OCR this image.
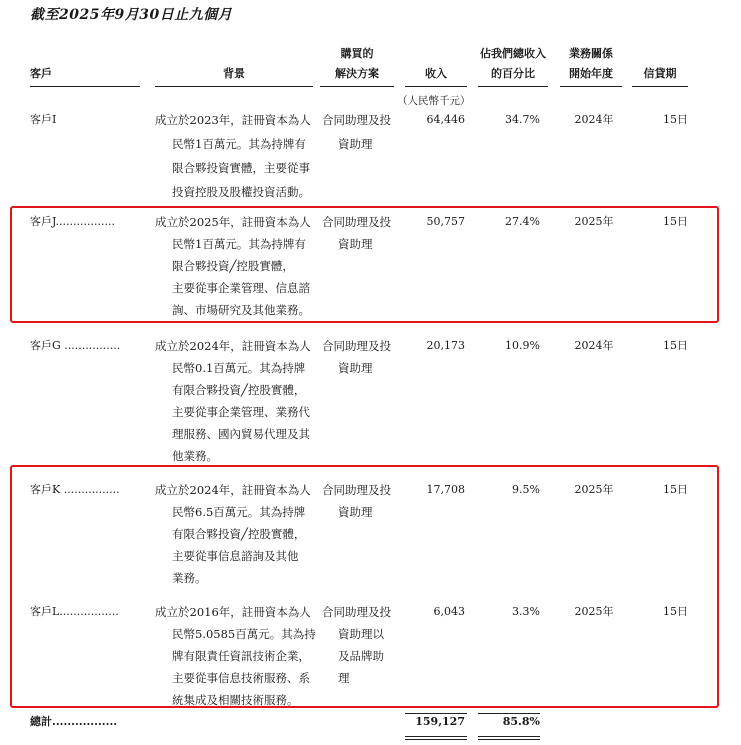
截至2025年9月30日止九個月
客戶	背景
購買的
解決方案	收入
佔我們總收入
的百分比
業務關係
開始年度	信貸期
（人民幣千元）
客戶I	成立於2023年，註冊資本為人
民幣1百萬元。其為持牌有
限合夥投資實體，主要從事
投資控股及股權投資活動。
合同助理及投
資助理
64,446	34.7%	2024年	15日
客戶J.................	成立於2025年，註冊資本為人
民幣1百萬元。其為持牌有
限合夥投資╱控股實體，
主要從事企業管理、信息諮
詢、市場研究及其他業務。
合同助理及投
資助理
50,757	27.4%	2025年	15日
客戶G ................	成立於2024年，註冊資本為人
民幣0.1百萬元。其為持牌
有限合夥投資╱控股實體，
主要從事企業管理、業務代
理服務、國內貿易代理及其
他業務。
合同助理及投
資助理
20,173	10.9%	2024年	15日
客戶K ................	成立於2024年，註冊資本為人
民幣6.5百萬元。其為持牌
有限合夥投資╱控股實體，
主要從事信息諮詢及其他
業務。
合同助理及投
資助理
17,708	9.5%	2025年	15日
客戶L.................	成立於2016年，註冊資本為人
民幣5.0585百萬元。其為持
牌有限責任資訊技術企業，
主要從事信息技術服務、系
統集成及相關技術服務。
合同助理及投
資助理以
及品牌助
理
6,043	3.3%	2025年	15日
總計.................	159,127	85.8%
